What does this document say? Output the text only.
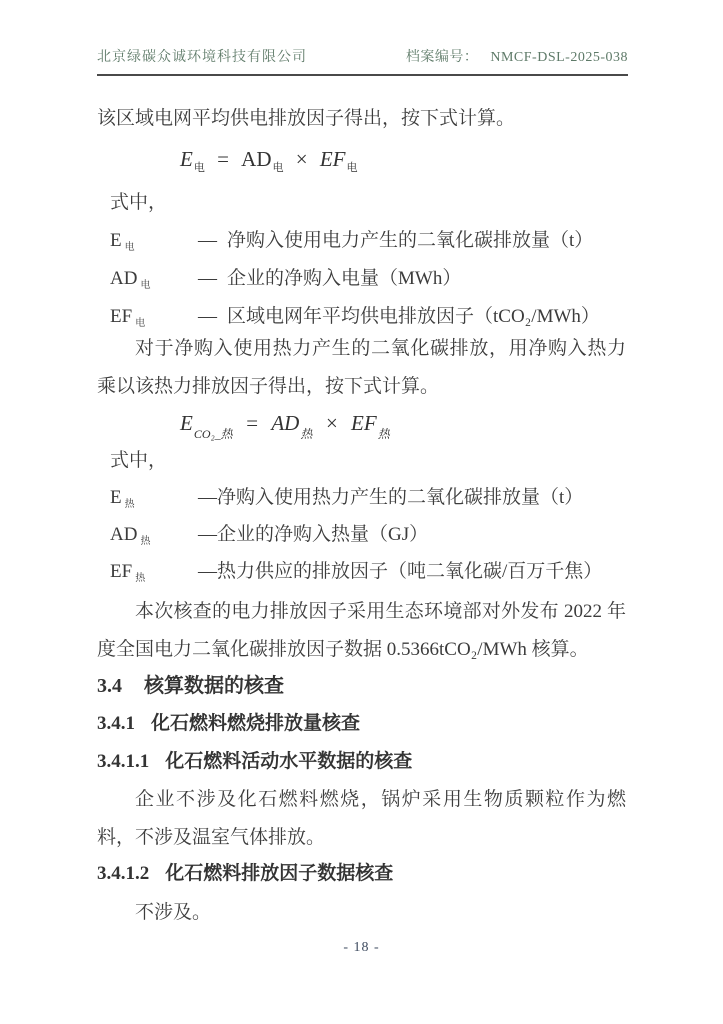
北京绿碳众诚环境科技有限公司	档案编号： NMCF-DSL-2025-038
该区域电网平均供电排放因子得出，按下式计算。
$E_电 = AD_电 \times EF_电$
式中，
E $_电$	— 净购入使用电力产生的二氧化碳排放量（t）
AD $_电$	— 企业的净购入电量（MWh）
EF $_电$	— 区域电网年平均供电排放因子（tCO₂/MWh）
对于净购入使用热力产生的二氧化碳排放，用净购入热力乘以该热力排放因子得出，按下式计算。
$E_{CO_2\_热} = AD_热 \times EF_热$
式中，
E $_热$	—净购入使用热力产生的二氧化碳排放量（t）
AD $_热$	—企业的净购入热量（GJ）
EF $_热$	—热力供应的排放因子（吨二氧化碳/百万千焦）
本次核查的电力排放因子采用生态环境部对外发布 2022 年度全国电力二氧化碳排放因子数据 0.5366tCO₂/MWh 核算。
3.4 核算数据的核查
3.4.1 化石燃料燃烧排放量核查
3.4.1.1 化石燃料活动水平数据的核查
企业不涉及化石燃料燃烧，锅炉采用生物质颗粒作为燃料，不涉及温室气体排放。
3.4.1.2 化石燃料排放因子数据核查
不涉及。
- 18 -
